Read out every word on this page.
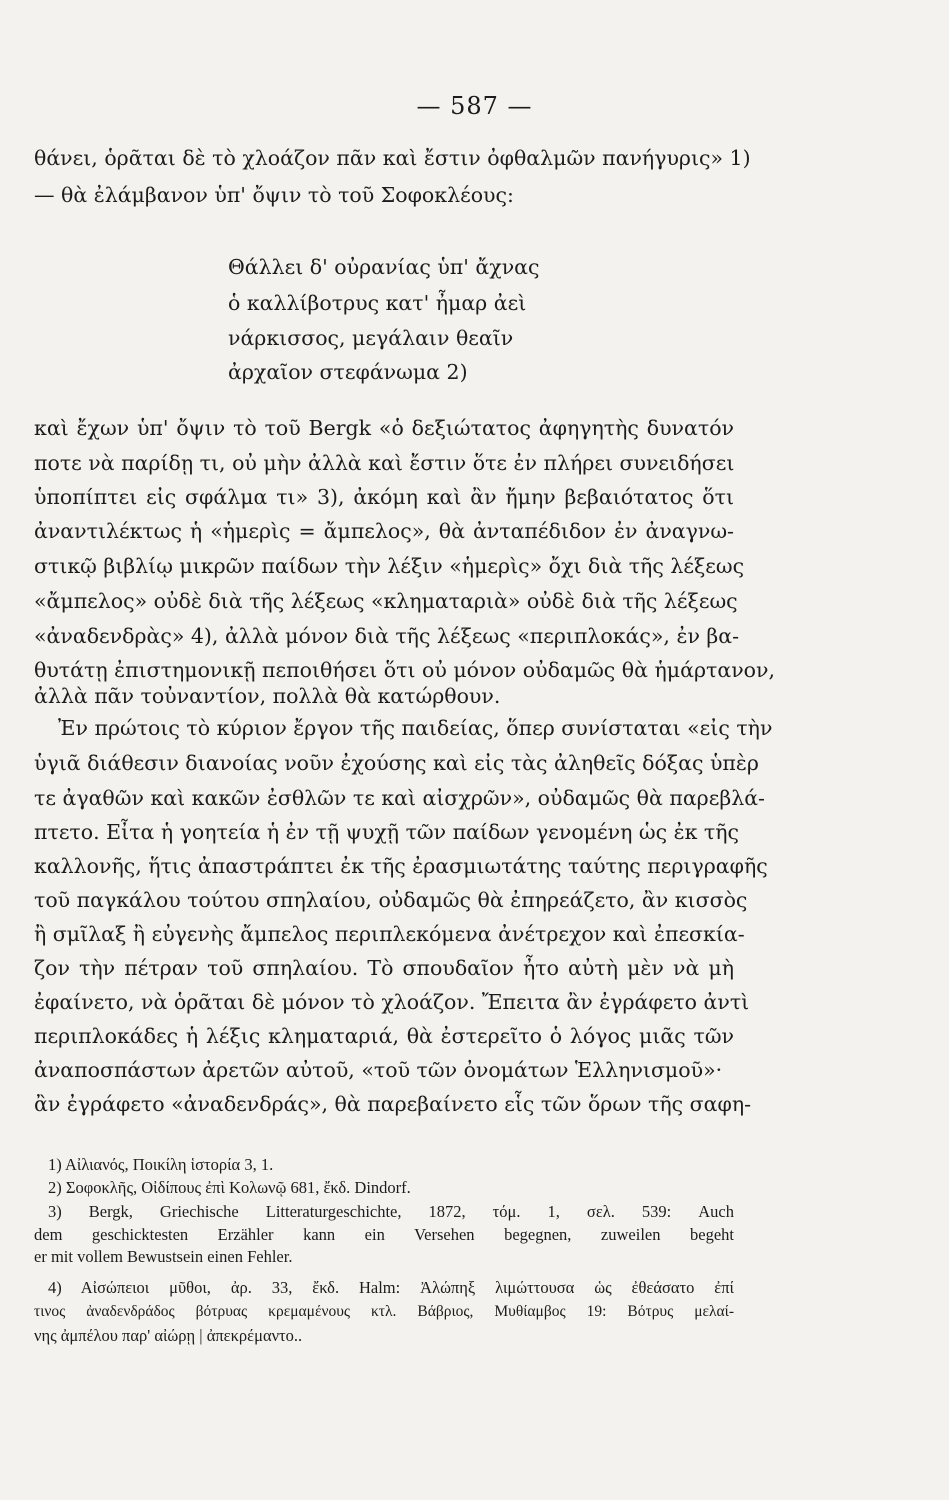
— 587 —
θάνει, ὁρᾶται δὲ τὸ χλοάζον πᾶν καὶ ἔστιν ὀφθαλμῶν πανήγυρις» 1)
— θὰ ἐλάμβανον ὑπ' ὄψιν τὸ τοῦ Σοφοκλέους:
Θάλλει δ' οὐρανίας ὑπ' ἄχνας
ὁ καλλίβοτρυς κατ' ἦμαρ ἀεὶ
νάρκισσος, μεγάλαιν θεαῖν
ἀρχαῖον στεφάνωμα 2)
καὶ ἔχων ὑπ' ὄψιν τὸ τοῦ Bergk «ὁ δεξιώτατος ἀφηγητὴς δυνατόν
ποτε νὰ παρίδῃ τι, οὐ μὴν ἀλλὰ καὶ ἔστιν ὅτε ἐν πλήρει συνειδήσει
ὑποπίπτει εἰς σφάλμα τι» 3), ἀκόμη καὶ ἂν ἤμην βεβαιότατος ὅτι
ἀναντιλέκτως ἡ «ἡμερὶς = ἄμπελος», θὰ ἀνταπέδιδον ἐν ἀναγνω-
στικῷ βιβλίῳ μικρῶν παίδων τὴν λέξιν «ἡμερὶς» ὄχι διὰ τῆς λέξεως
«ἄμπελος» οὐδὲ διὰ τῆς λέξεως «κληματαριὰ» οὐδὲ διὰ τῆς λέξεως
«ἀναδενδρὰς» 4), ἀλλὰ μόνον διὰ τῆς λέξεως «περιπλοκάς», ἐν βα-
θυτάτῃ ἐπιστημονικῇ πεποιθήσει ὅτι οὐ μόνον οὐδαμῶς θὰ ἡμάρτανον,
ἀλλὰ πᾶν τοὐναντίον, πολλὰ θὰ κατώρθουν.
Ἐν πρώτοις τὸ κύριον ἔργον τῆς παιδείας, ὅπερ συνίσταται «εἰς τὴν
ὑγιᾶ διάθεσιν διανοίας νοῦν ἐχούσης καὶ εἰς τὰς ἀληθεῖς δόξας ὑπὲρ
τε ἀγαθῶν καὶ κακῶν ἐσθλῶν τε καὶ αἰσχρῶν», οὐδαμῶς θὰ παρεβλά-
πτετο. Εἶτα ἡ γοητεία ἡ ἐν τῇ ψυχῇ τῶν παίδων γενομένη ὡς ἐκ τῆς
καλλονῆς, ἥτις ἀπαστράπτει ἐκ τῆς ἐρασμιωτάτης ταύτης περιγραφῆς
τοῦ παγκάλου τούτου σπηλαίου, οὐδαμῶς θὰ ἐπηρεάζετο, ἂν κισσὸς
ἢ σμῖλαξ ἢ εὐγενὴς ἄμπελος περιπλεκόμενα ἀνέτρεχον καὶ ἐπεσκία-
ζον τὴν πέτραν τοῦ σπηλαίου. Τὸ σπουδαῖον ἦτο αὐτὴ μὲν νὰ μὴ
ἐφαίνετο, νὰ ὁρᾶται δὲ μόνον τὸ χλοάζον. Ἔπειτα ἂν ἐγράφετο ἀντὶ
περιπλοκάδες ἡ λέξις κληματαριά, θὰ ἐστερεῖτο ὁ λόγος μιᾶς τῶν
ἀναποσπάστων ἀρετῶν αὐτοῦ, «τοῦ τῶν ὀνομάτων Ἑλληνισμοῦ»·
ἂν ἐγράφετο «ἀναδενδράς», θὰ παρεβαίνετο εἷς τῶν ὅρων τῆς σαφη-
1) Αἰλιανός, Ποικίλη ἱστορία 3, 1.
2) Σοφοκλῆς, Οἰδίπους ἐπὶ Κολωνῷ 681, ἔκδ. Dindorf.
3) Bergk, Griechische Litteraturgeschichte, 1872, τόμ. 1, σελ. 539: Auch
dem geschicktesten Erzähler kann ein Versehen begegnen, zuweilen begeht
er mit vollem Bewustsein einen Fehler.
4) Αἰσώπειοι μῦθοι, ἀρ. 33, ἔκδ. Halm: Ἀλώπηξ λιμώττουσα ὡς ἐθεάσατο ἐπί
τινος ἀναδενδράδος βότρυας κρεμαμένους κτλ. Βάβριος, Μυθίαμβος 19: Βότρυς μελαί-
νης ἀμπέλου παρ' αἰώρῃ | ἀπεκρέμαντο..
